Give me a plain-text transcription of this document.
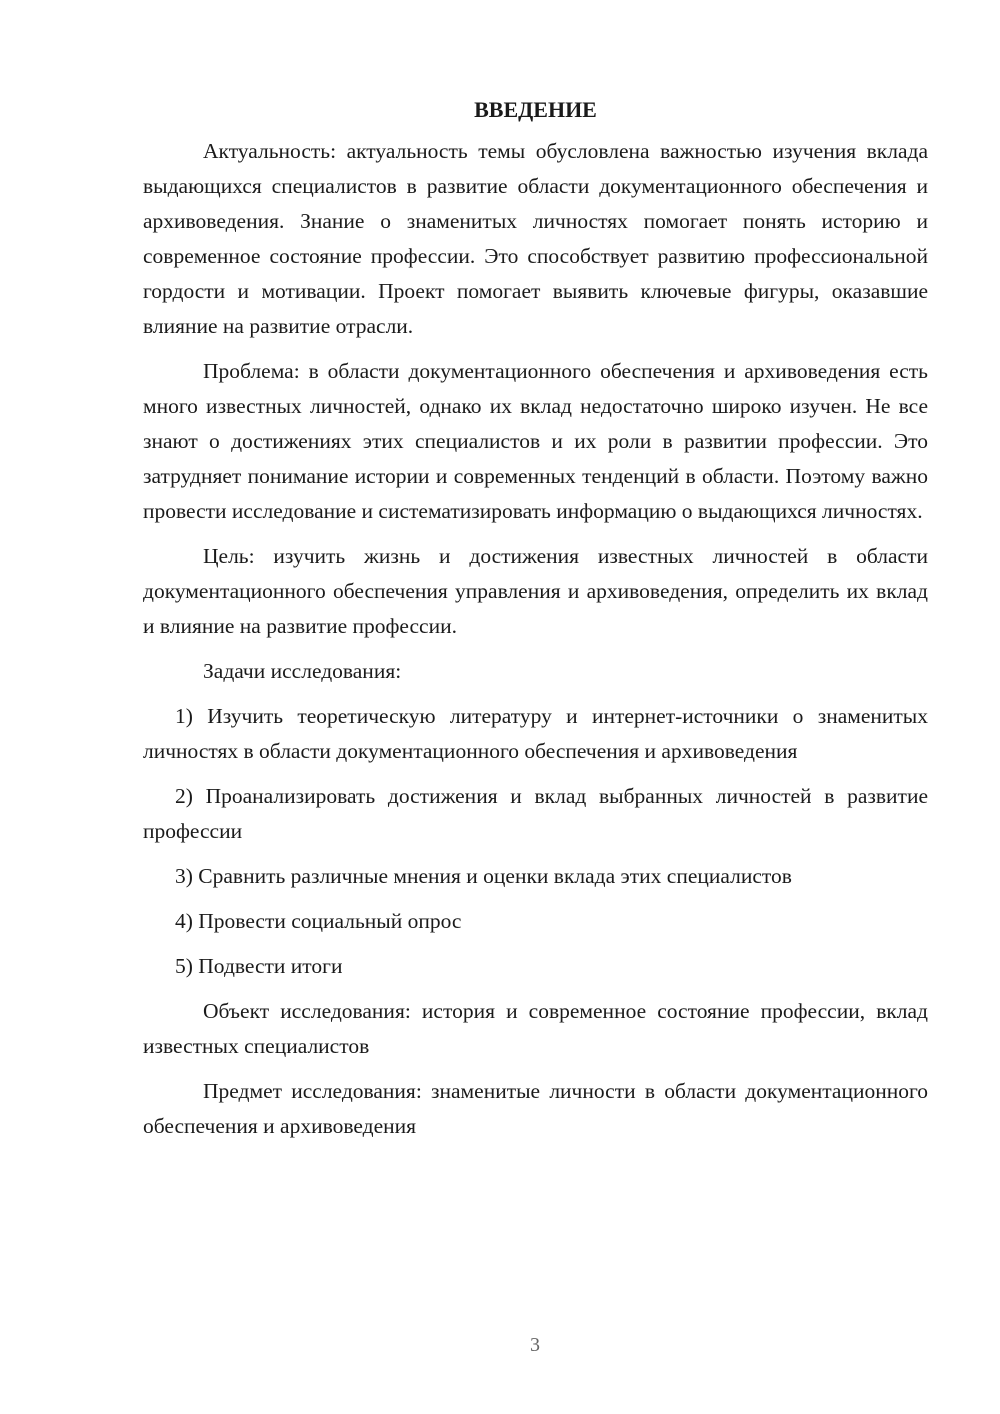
ВВЕДЕНИЕ

Актуальность: актуальность темы обусловлена важностью изучения вклада выдающихся специалистов в развитие области документационного обеспечения и архивоведения. Знание о знаменитых личностях помогает понять историю и современное состояние профессии. Это способствует развитию профессиональной гордости и мотивации. Проект помогает выявить ключевые фигуры, оказавшие влияние на развитие отрасли.

Проблема: в области документационного обеспечения и архивоведения есть много известных личностей, однако их вклад недостаточно широко изучен. Не все знают о достижениях этих специалистов и их роли в развитии профессии. Это затрудняет понимание истории и современных тенденций в области. Поэтому важно провести исследование и систематизировать информацию о выдающихся личностях.

Цель: изучить жизнь и достижения известных личностей в области документационного обеспечения управления и архивоведения, определить их вклад и влияние на развитие профессии.

Задачи исследования:

1) Изучить теоретическую литературу и интернет-источники о знаменитых личностях в области документационного обеспечения и архивоведения

2) Проанализировать достижения и вклад выбранных личностей в развитие профессии

3) Сравнить различные мнения и оценки вклада этих специалистов

4) Провести социальный опрос

5) Подвести итоги

Объект исследования: история и современное состояние профессии, вклад известных специалистов

Предмет исследования: знаменитые личности в области документационного обеспечения и архивоведения

3
